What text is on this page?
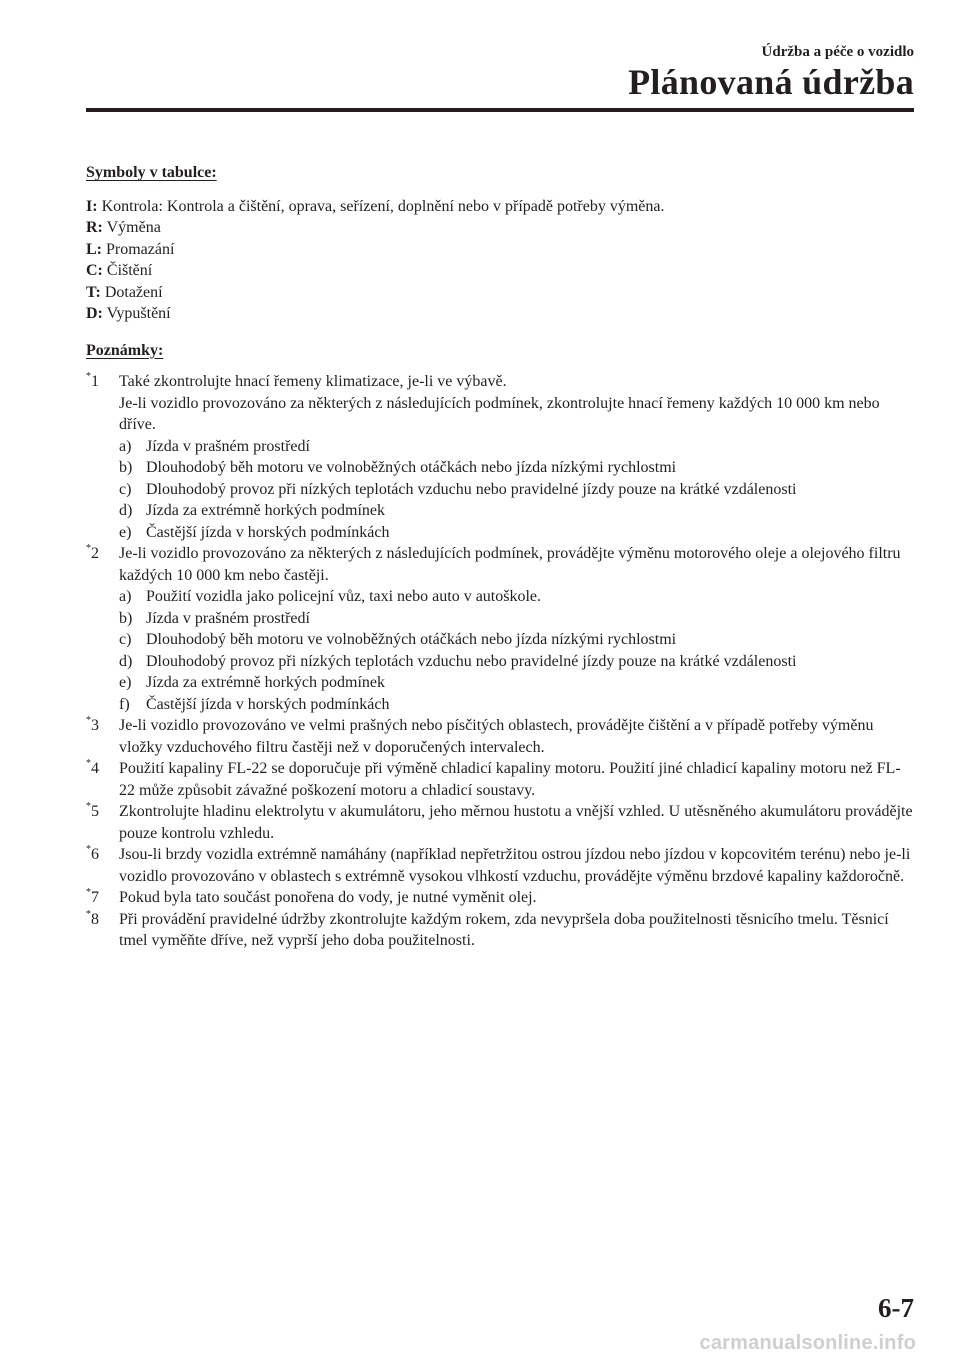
Údržba a péče o vozidlo
Plánovaná údržba
Symboly v tabulce:
I: Kontrola: Kontrola a čištění, oprava, seřízení, doplnění nebo v případě potřeby výměna.
R: Výměna
L: Promazání
C: Čištění
T: Dotažení
D: Vypuštění
Poznámky:
*1	Také zkontrolujte hnací řemeny klimatizace, je-li ve výbavě.
Je-li vozidlo provozováno za některých z následujících podmínek, zkontrolujte hnací řemeny každých 10 000 km nebo dříve.
a) Jízda v prašném prostředí
b) Dlouhodobý běh motoru ve volnoběžných otáčkách nebo jízda nízkými rychlostmi
c) Dlouhodobý provoz při nízkých teplotách vzduchu nebo pravidelné jízdy pouze na krátké vzdálenosti
d) Jízda za extrémně horkých podmínek
e) Častější jízda v horských podmínkách
*2	Je-li vozidlo provozováno za některých z následujících podmínek, provádějte výměnu motorového oleje a olejového filtru každých 10 000 km nebo častěji.
a) Použití vozidla jako policejní vůz, taxi nebo auto v autoškole.
b) Jízda v prašném prostředí
c) Dlouhodobý běh motoru ve volnoběžných otáčkách nebo jízda nízkými rychlostmi
d) Dlouhodobý provoz při nízkých teplotách vzduchu nebo pravidelné jízdy pouze na krátké vzdálenosti
e) Jízda za extrémně horkých podmínek
f)	Častější jízda v horských podmínkách
*3	Je-li vozidlo provozováno ve velmi prašných nebo písčitých oblastech, provádějte čištění a v případě potřeby výměnu vložky vzduchového filtru častěji než v doporučených intervalech.
*4	Použití kapaliny FL-22 se doporučuje při výměně chladicí kapaliny motoru. Použití jiné chladicí kapaliny motoru než FL-22 může způsobit závažné poškození motoru a chladicí soustavy.
*5	Zkontrolujte hladinu elektrolytu v akumulátoru, jeho měrnou hustotu a vnější vzhled. U utěsněného akumulátoru provádějte pouze kontrolu vzhledu.
*6	Jsou-li brzdy vozidla extrémně namáhány (například nepřetržitou ostrou jízdou nebo jízdou v kopcovitém terénu) nebo je-li vozidlo provozováno v oblastech s extrémně vysokou vlhkostí vzduchu, provádějte výměnu brzdové kapaliny každoročně.
*7	Pokud byla tato součást ponořena do vody, je nutné vyměnit olej.
*8	Při provádění pravidelné údržby zkontrolujte každým rokem, zda nevypršela doba použitelnosti těsnicího tmelu. Těsnicí tmel vyměňte dříve, než vyprší jeho doba použitelnosti.
6-7
carmanualsonline.info
